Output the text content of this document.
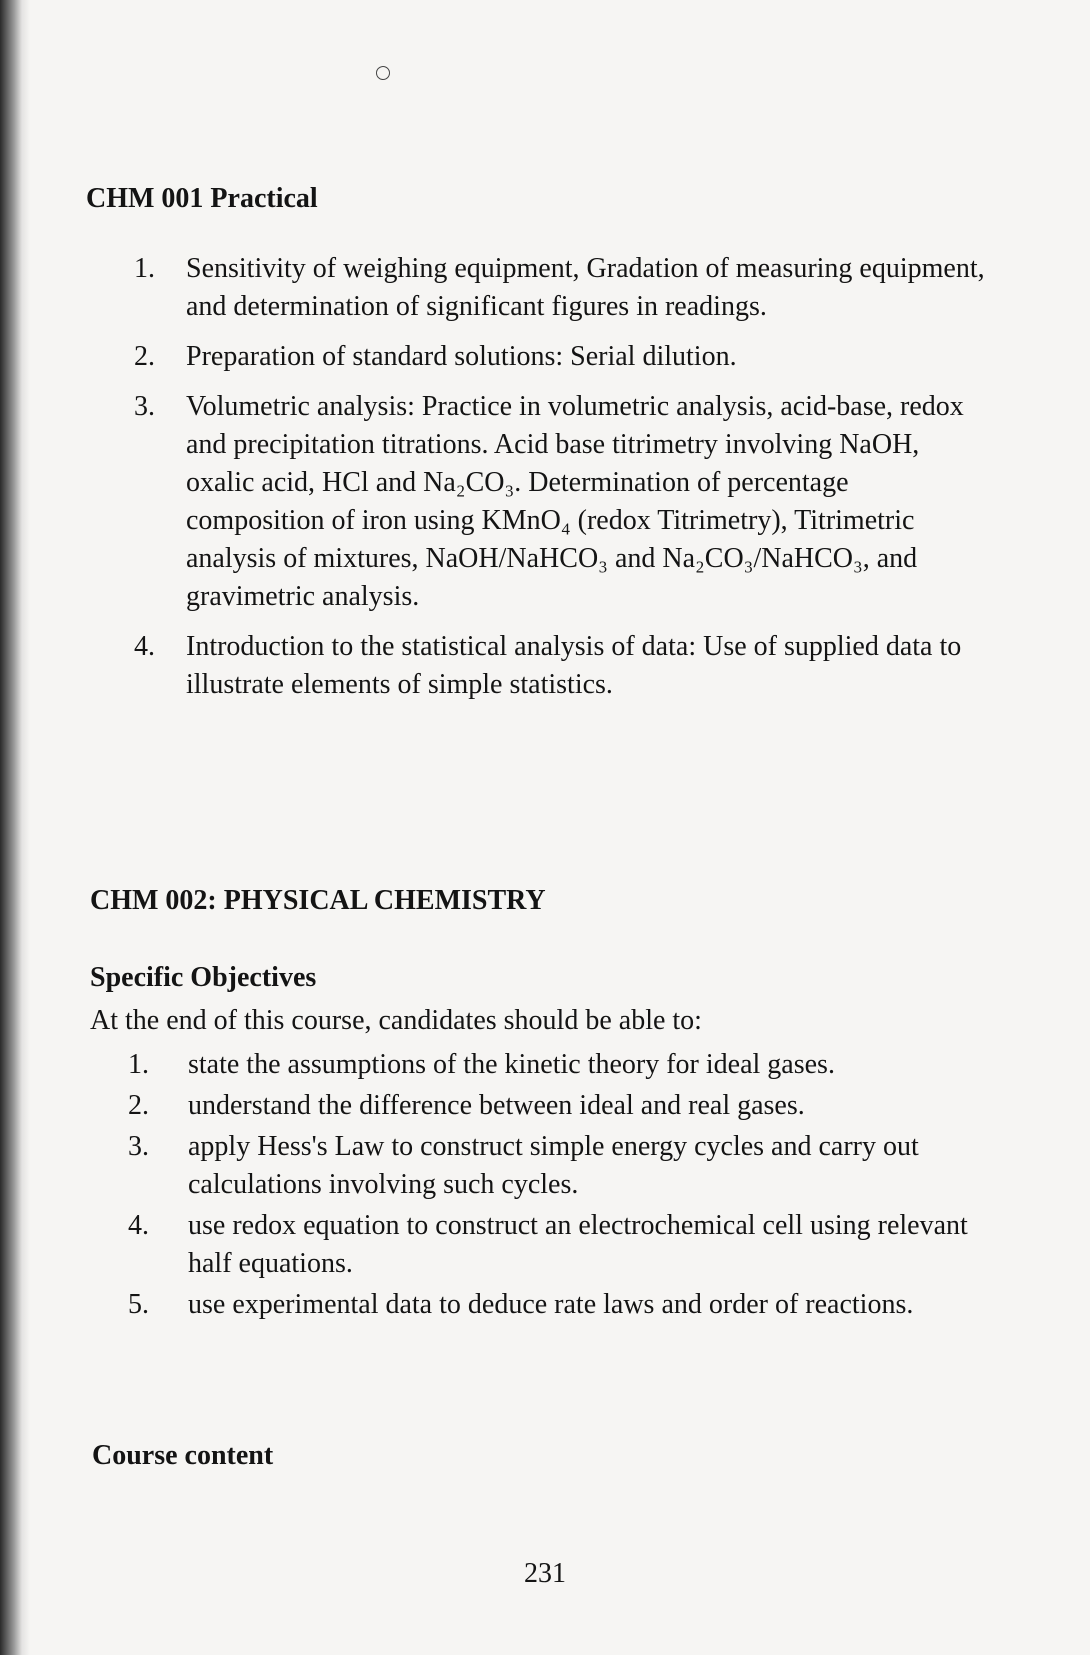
CHM 001 Practical
1. Sensitivity of weighing equipment, Gradation of measuring equipment, and determination of significant figures in readings.
2. Preparation of standard solutions: Serial dilution.
3. Volumetric analysis: Practice in volumetric analysis, acid-base, redox and precipitation titrations. Acid base titrimetry involving NaOH, oxalic acid, HCl and Na₂CO₃. Determination of percentage composition of iron using KMnO₄ (redox Titrimetry), Titrimetric analysis of mixtures, NaOH/NaHCO₃ and Na₂CO₃/NaHCO₃, and gravimetric analysis.
4. Introduction to the statistical analysis of data: Use of supplied data to illustrate elements of simple statistics.
CHM 002: PHYSICAL CHEMISTRY
Specific Objectives

At the end of this course, candidates should be able to:

1. state the assumptions of the kinetic theory for ideal gases.
2. understand the difference between ideal and real gases.
3. apply Hess's Law to construct simple energy cycles and carry out calculations involving such cycles.
4. use redox equation to construct an electrochemical cell using relevant half equations.
5. use experimental data to deduce rate laws and order of reactions.
Course content
231
